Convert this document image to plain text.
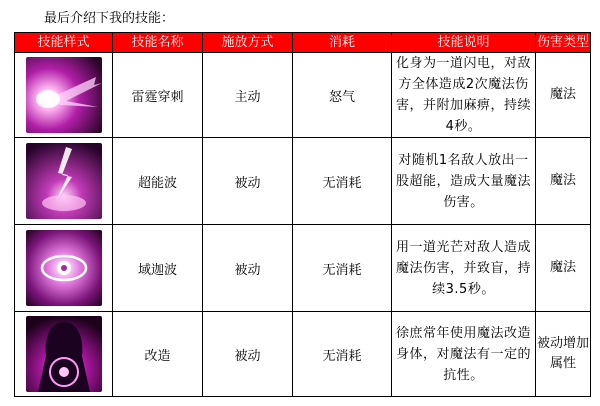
最后介绍下我的技能：
技能样式	技能名称	施放方式	消耗	技能说明	伤害类型

	雷霆穿刺	主动	怒气	化身为一道闪电，对敌方全体造成2次魔法伤害，并附加麻痹，持续4秒。	魔法

	超能波	被动	无消耗	对随机1名敌人放出一股超能，造成大量魔法伤害。	魔法

	域迦波	被动	无消耗	用一道光芒对敌人造成魔法伤害，并致盲，持续3.5秒。	魔法

	改造	被动	无消耗	徐庶常年使用魔法改造身体，对魔法有一定的抗性。	被动增加属性
